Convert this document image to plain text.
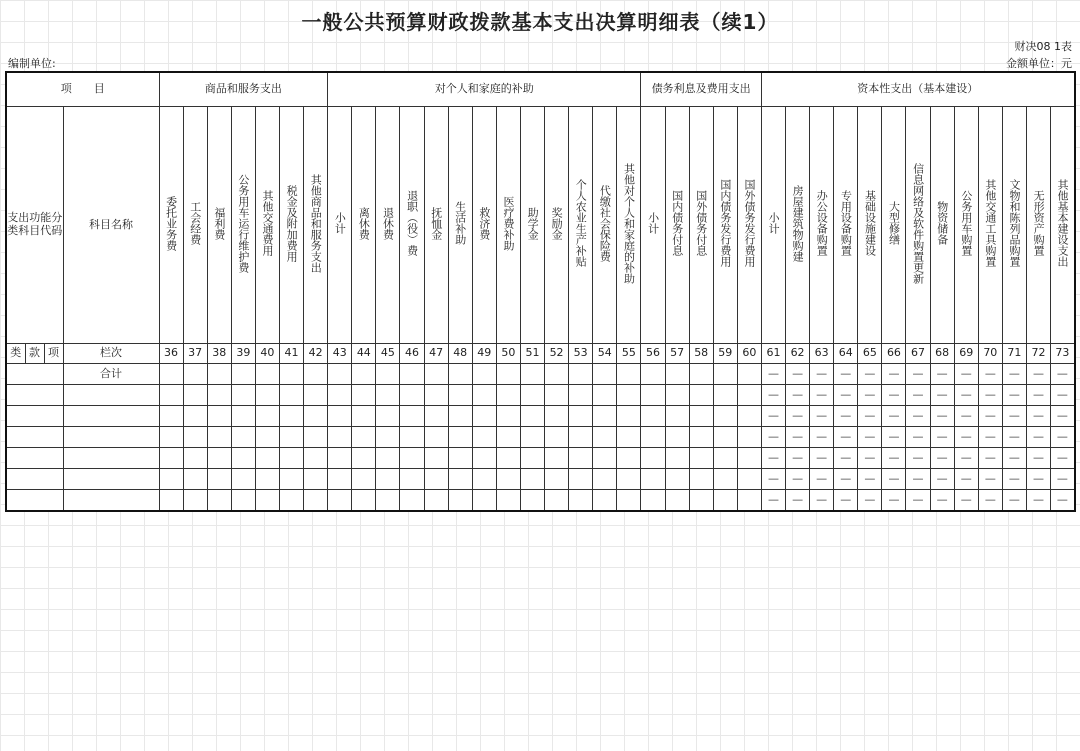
一般公共预算财政拨款基本支出决算明细表（续1）
编制单位:
财决08 1表
金额单位：元
项　　目				商品和服务支出							对个人和家庭的补助													债务利息及费用支出					资本性支出（基本建设）												
支出功能分类科目代码			科目名称	委托业务费	工会经费	福利费	公务用车运行维护费	其他交通费用	税金及附加费用	其他商品和服务支出	小计	离休费	退休费	退职（役）费	抚恤金	生活补助	救济费	医疗费补助	助学金	奖励金	个人农业生产补贴	代缴社会保险费	其他对个人和家庭的补助	小计	国内债务付息	国外债务付息	国内债务发行费用	国外债务发行费用	小计	房屋建筑物购建	办公设备购置	专用设备购置	基础设施建设	大型修缮	信息网络及软件购置更新	物资储备	公务用车购置	其他交通工具购置	文物和陈列品购置	无形资产购置	其他基本建设支出
类	款	项	栏次	36	37	38	39	40	41	42	43	44	45	46	47	48	49	50	51	52	53	54	55	56	57	58	59	60	61	62	63	64	65	66	67	68	69	70	71	72	73
			合计																										—	—	—	—	—	—	—	—	—	—	—	—	—
																													—	—	—	—	—	—	—	—	—	—	—	—	—
																													—	—	—	—	—	—	—	—	—	—	—	—	—
																													—	—	—	—	—	—	—	—	—	—	—	—	—
																													—	—	—	—	—	—	—	—	—	—	—	—	—
																													—	—	—	—	—	—	—	—	—	—	—	—	—
																													—	—	—	—	—	—	—	—	—	—	—	—	—
